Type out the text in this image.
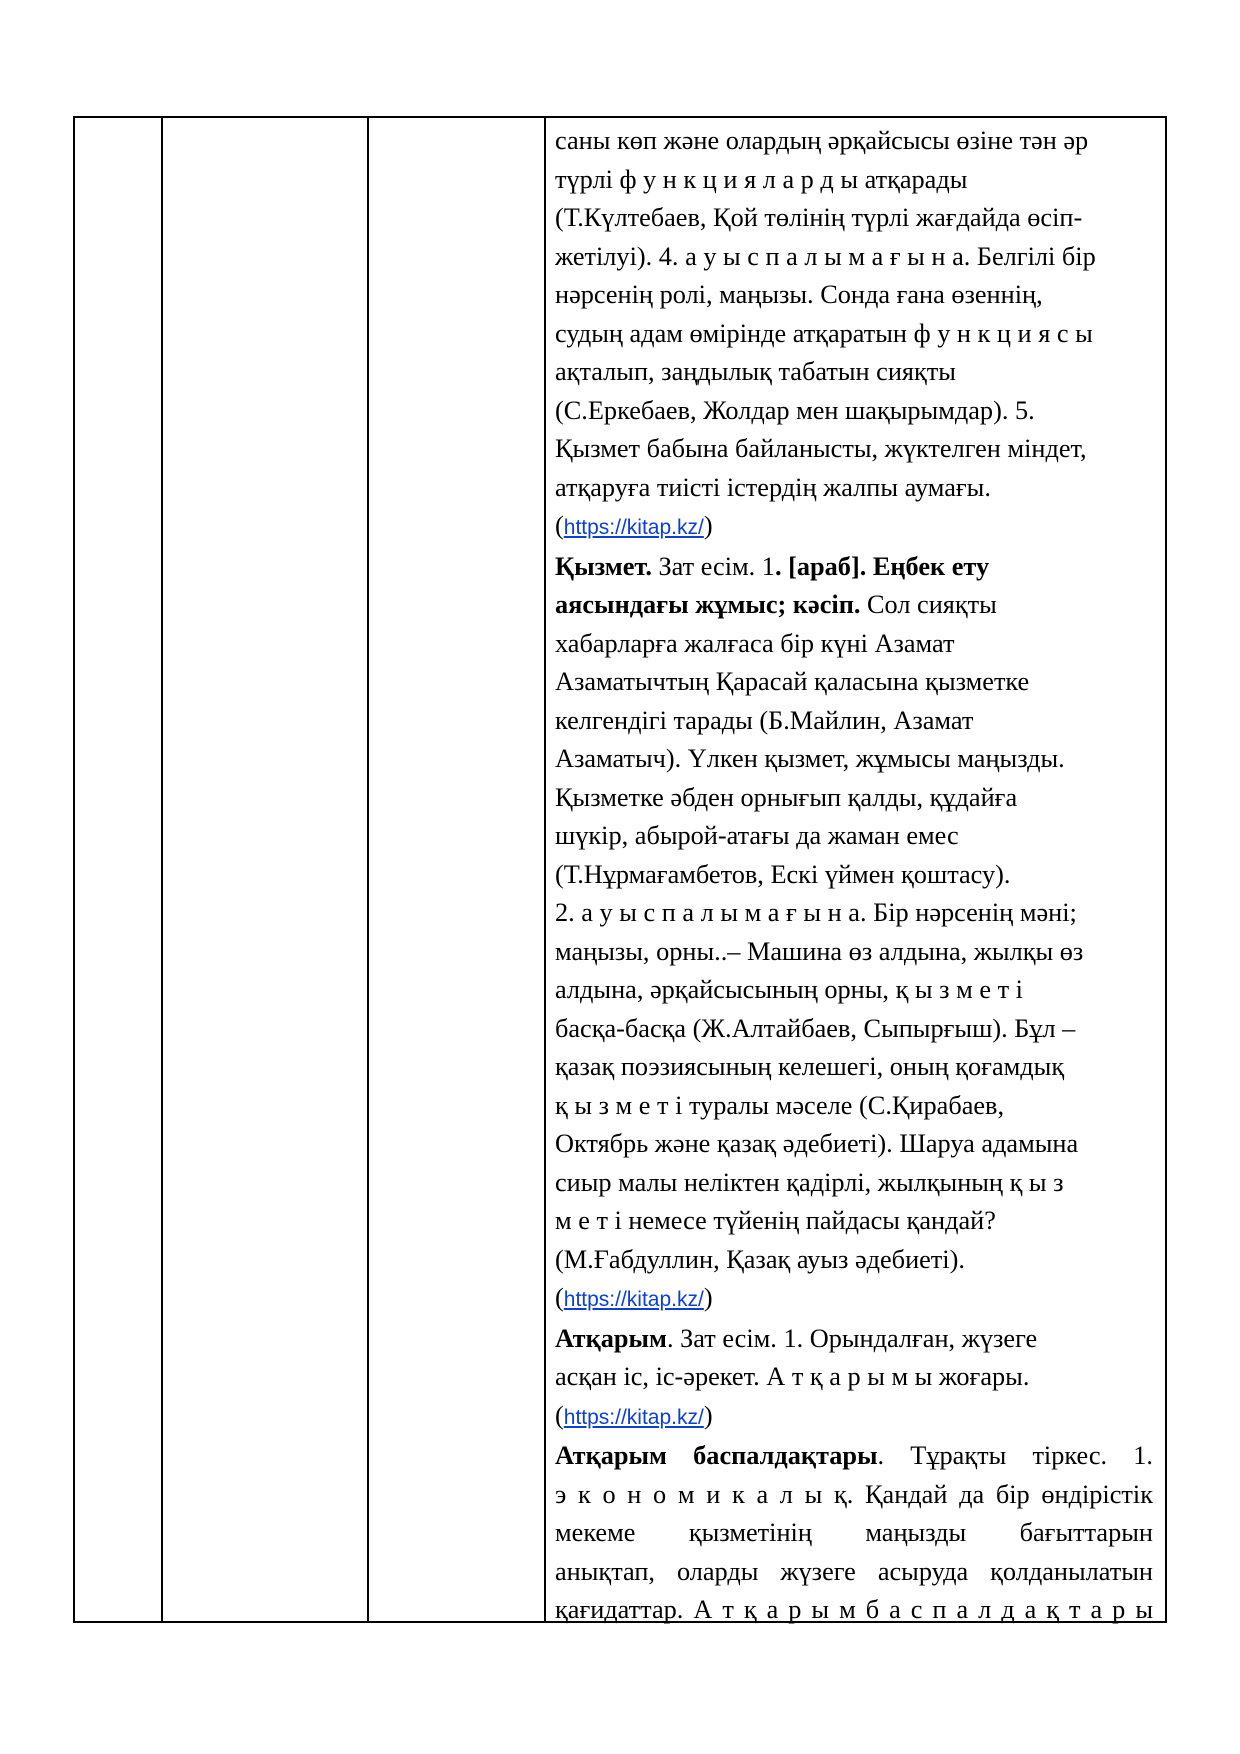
саны көп және олардың әрқайсысы өзіне тән әр

түрлі ф у н к ц и я л а р д ы атқарады

(Т.Күлтебаев, Қой төлінің түрлі жағдайда өсіп-

жетілуі). 4. а у ы с п а л ы м а ғ ы н а. Белгілі бір

нәрсенің ролі, маңызы. Сонда ғана өзеннің,

судың адам өмірінде атқаратын ф у н к ц и я с ы

ақталып, заңдылық табатын сияқты

(С.Еркебаев, Жолдар мен шақырымдар). 5.

Қызмет бабына байланысты, жүктелген міндет,

атқаруға тиісті істердің жалпы аумағы.

(https://kitap.kz/)

Қызмет. Зат есім. 1. [араб]. Еңбек ету

аясындағы жұмыс; кәсіп. Сол сияқты

хабарларға жалғаса бір күні Азамат

Азаматычтың Қарасай қаласына қызметке

келгендігі тарады (Б.Майлин, Азамат

Азаматыч). Үлкен қызмет, жұмысы маңызды.

Қызметке әбден орнығып қалды, құдайға

шүкір, абырой-атағы да жаман емес

(Т.Нұрмағамбетов, Ескі үймен қоштасу).

2. а у ы с п а л ы м а ғ ы н а. Бір нәрсенің мәні;

маңызы, орны..– Машина өз алдына, жылқы өз

алдына, әрқайсысының орны, қ ы з м е т і

басқа-басқа (Ж.Алтайбаев, Сыпырғыш). Бұл –

қазақ поэзиясының келешегі, оның қоғамдық

қ ы з м е т і туралы мәселе (С.Қирабаев,

Октябрь және қазақ әдебиеті). Шаруа адамына

сиыр малы неліктен қадірлі, жылқының қ ы з

м е т і немесе түйенің пайдасы қандай?

(М.Ғабдуллин, Қазақ ауыз әдебиеті).

(https://kitap.kz/)

Атқарым. Зат есім. 1. Орындалған, жүзеге

асқан іс, іс-әрекет. А т қ а р ы м ы жоғары.

(https://kitap.kz/)

Атқарым баспалдақтары. Тұрақты тіркес. 1.

э к о н о м и к а л ы қ. Қандай да бір өндірістік

мекеме қызметінің маңызды бағыттарын

анықтап, оларды жүзеге асыруда қолданылатын

қағидаттар. А т қ а р ы м б а с п а л д а қ т а р ы
